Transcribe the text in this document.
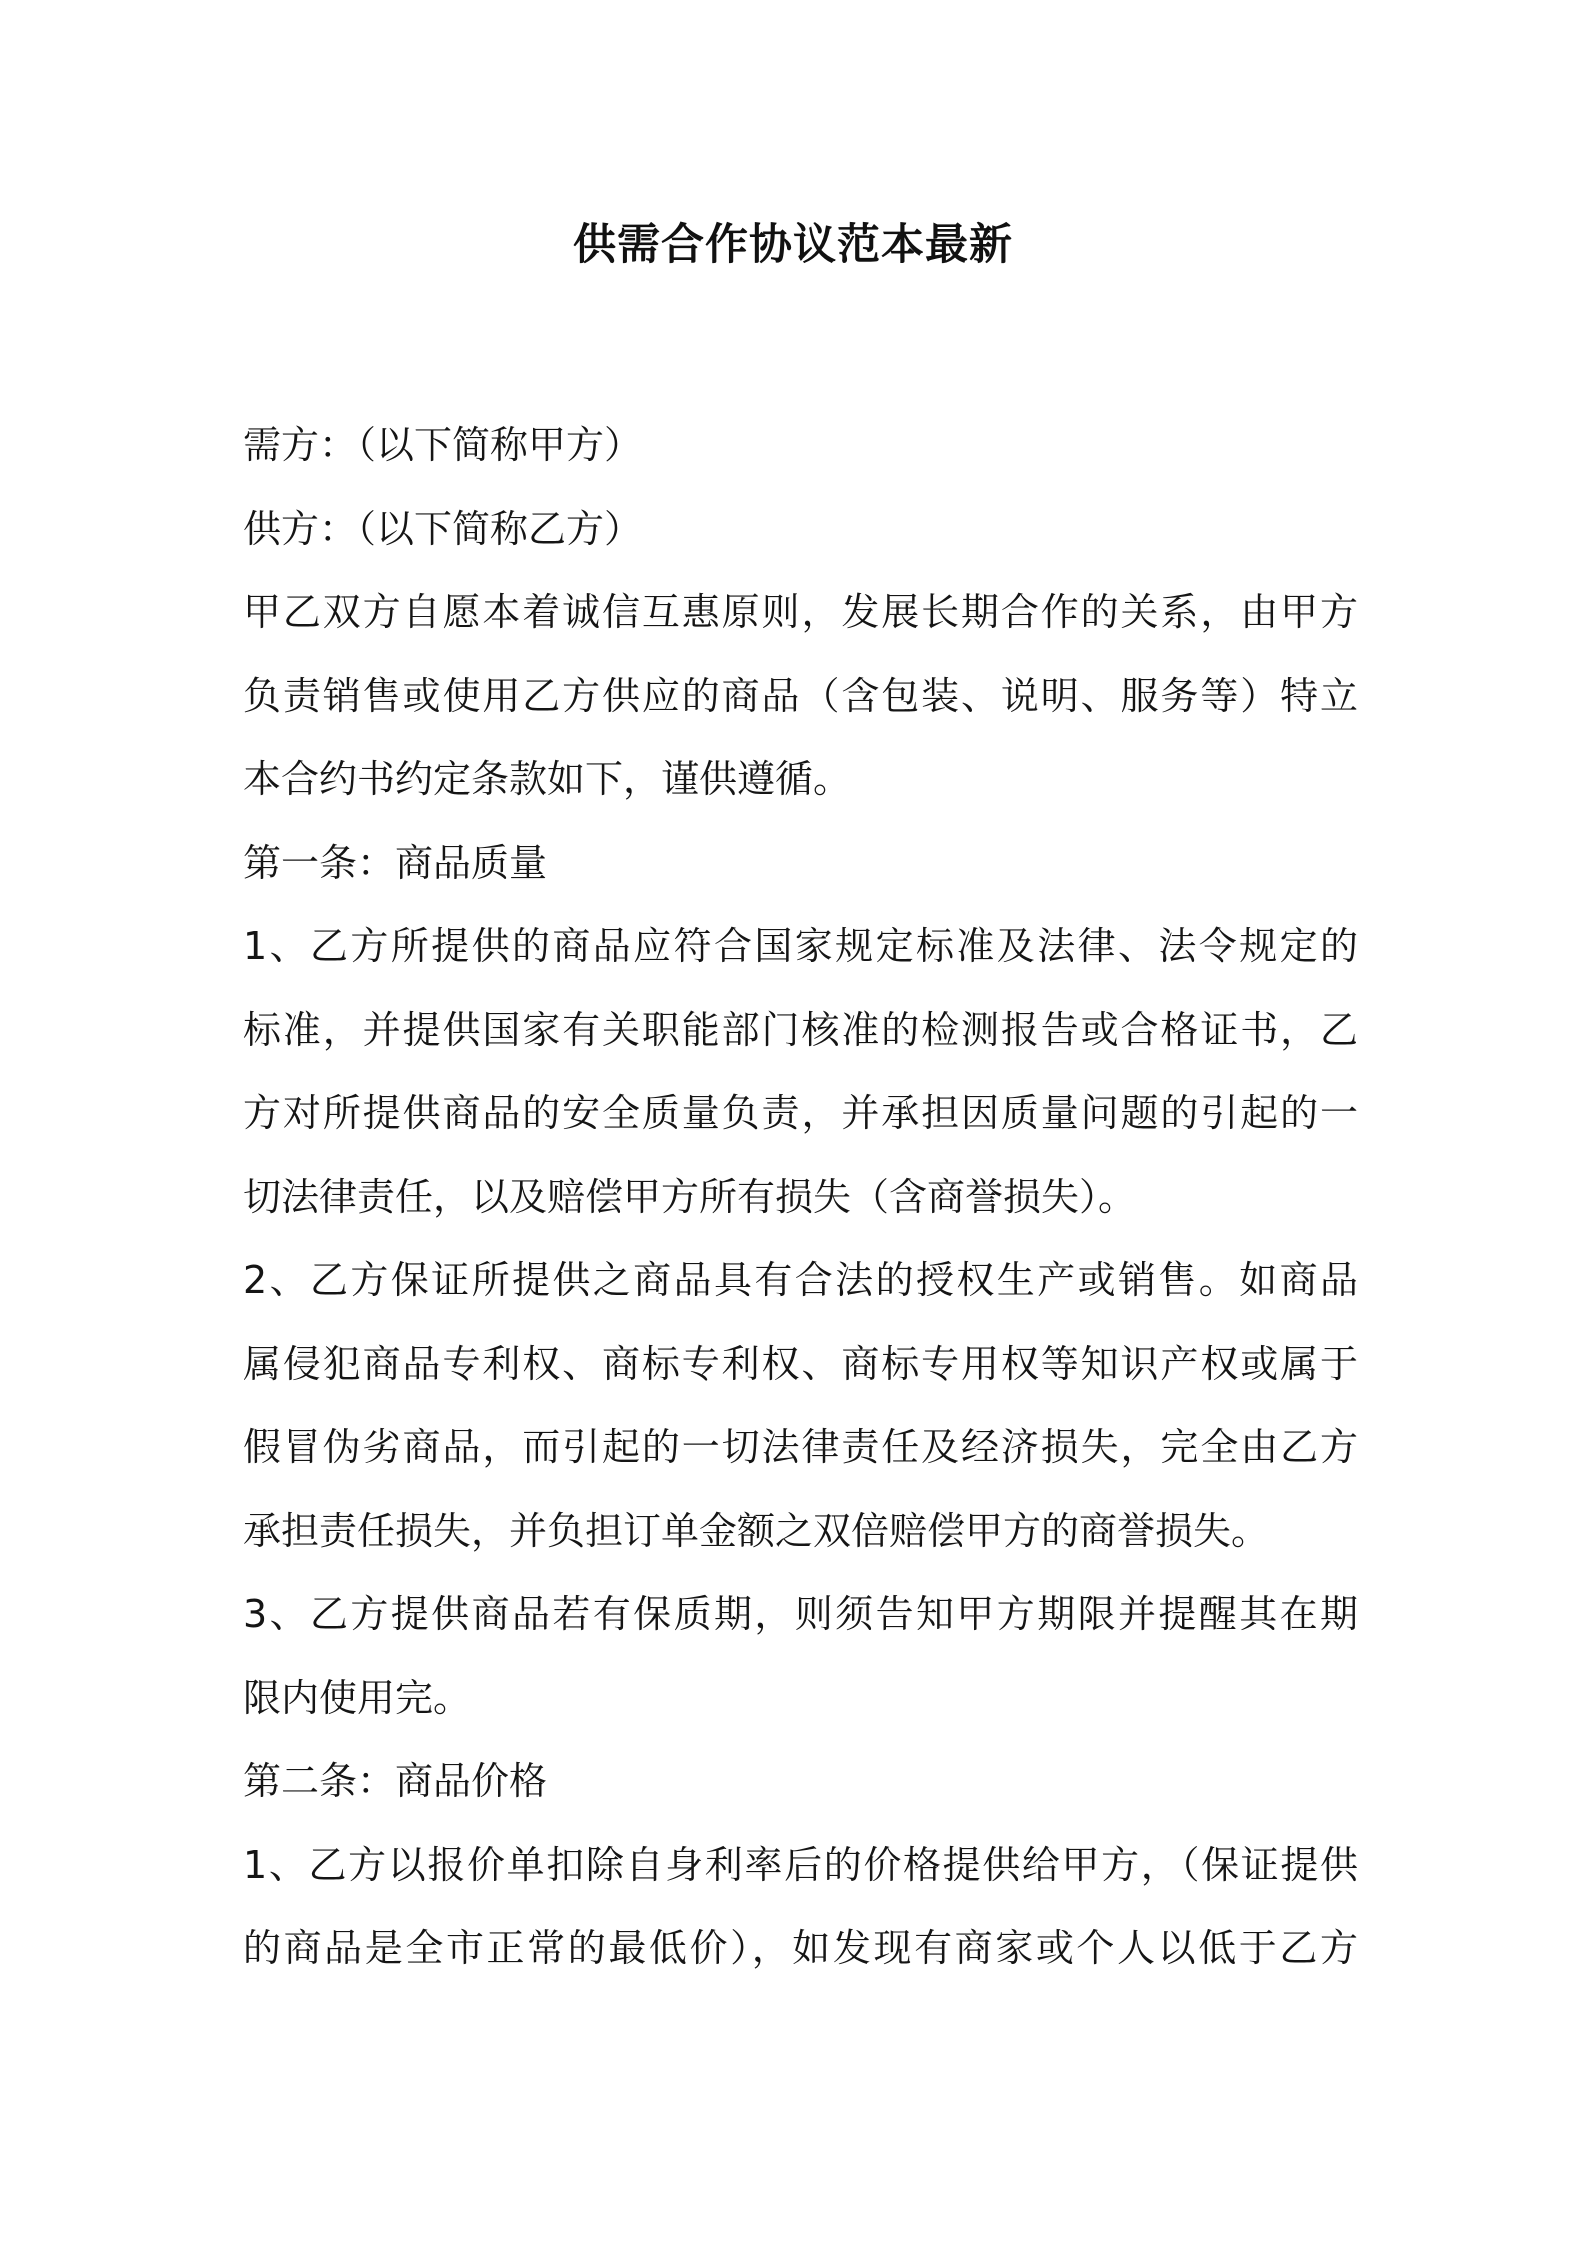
供需合作协议范本最新
需方：（以下简称甲方）
供方：（以下简称乙方）
甲乙双方自愿本着诚信互惠原则，发展长期合作的关系，由甲方
负责销售或使用乙方供应的商品（含包装、说明、服务等）特立
本合约书约定条款如下，谨供遵循。
第一条：商品质量
1、乙方所提供的商品应符合国家规定标准及法律、法令规定的
标准，并提供国家有关职能部门核准的检测报告或合格证书，乙
方对所提供商品的安全质量负责，并承担因质量问题的引起的一
切法律责任，以及赔偿甲方所有损失（含商誉损失）。
2、乙方保证所提供之商品具有合法的授权生产或销售。如商品
属侵犯商品专利权、商标专利权、商标专用权等知识产权或属于
假冒伪劣商品，而引起的一切法律责任及经济损失，完全由乙方
承担责任损失，并负担订单金额之双倍赔偿甲方的商誉损失。
3、乙方提供商品若有保质期，则须告知甲方期限并提醒其在期
限内使用完。
第二条：商品价格
1、乙方以报价单扣除自身利率后的价格提供给甲方，（保证提供
的商品是全市正常的最低价），如发现有商家或个人以低于乙方
